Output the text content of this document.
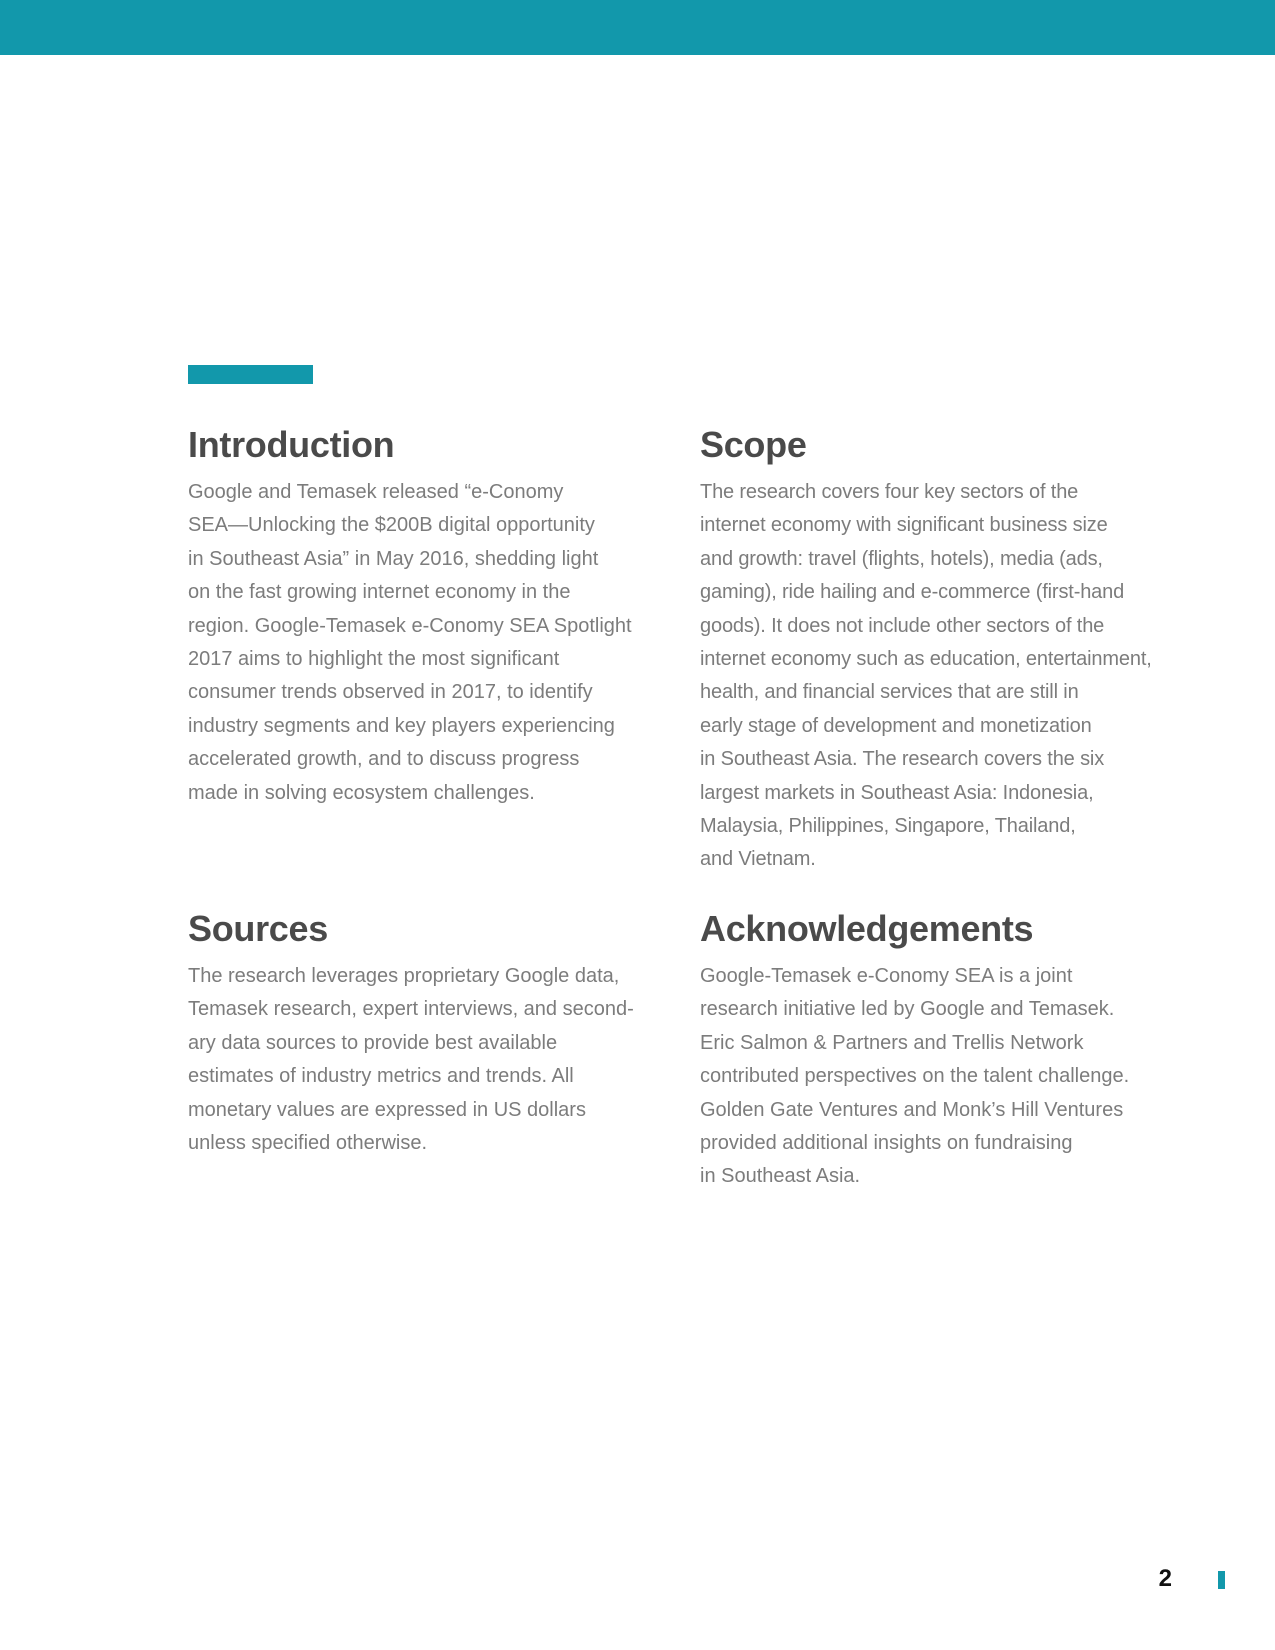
Introduction

Google and Temasek released “e-Conomy
SEA—Unlocking the $200B digital opportunity
in Southeast Asia” in May 2016, shedding light
on the fast growing internet economy in the
region. Google-Temasek e-Conomy SEA Spotlight
2017 aims to highlight the most significant
consumer trends observed in 2017, to identify
industry segments and key players experiencing
accelerated growth, and to discuss progress
made in solving ecosystem challenges.

Scope

The research covers four key sectors of the
internet economy with significant business size
and growth: travel (flights, hotels), media (ads,
gaming), ride hailing and e-commerce (first-hand
goods). It does not include other sectors of the
internet economy such as education, entertainment,
health, and financial services that are still in
early stage of development and monetization
in Southeast Asia. The research covers the six
largest markets in Southeast Asia: Indonesia,
Malaysia, Philippines, Singapore, Thailand,
and Vietnam.

Sources

The research leverages proprietary Google data,
Temasek research, expert interviews, and second-
ary data sources to provide best available
estimates of industry metrics and trends. All
monetary values are expressed in US dollars
unless specified otherwise.

Acknowledgements

Google-Temasek e-Conomy SEA is a joint
research initiative led by Google and Temasek.
Eric Salmon & Partners and Trellis Network
contributed perspectives on the talent challenge.
Golden Gate Ventures and Monk’s Hill Ventures
provided additional insights on fundraising
in Southeast Asia.

2
